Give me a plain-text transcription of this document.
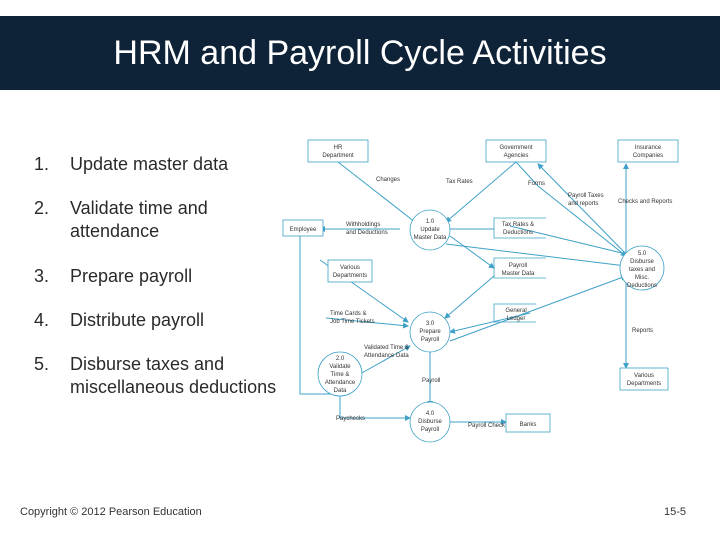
HRM and Payroll Cycle Activities
1. Update master data
2. Validate time and attendance
3. Prepare payroll
4. Distribute payroll
5. Disburse taxes and miscellaneous deductions
HR
Department
Government
Agencies
Insurance
Companies
Employee
Various
Departments
Various
Departments
Banks
Tax Rates &
Deductions
Payroll
Master Data
General
Ledger
1.0
Update
Master Data
2.0
Validate
Time &
Attendance
Data
3.0
Prepare
Payroll
4.0
Disburse
Payroll
5.0
Disburse
taxes and
Misc.
Deductions
Changes	Tax Rates	Forms
Payroll Taxes
and reports	Checks and Reports
Withholdings
and Deductions
Time Cards &
Job Time Tickets
Validated Time &
Attendance Data
Reports
Payroll
Paychecks
Payroll Check
Copyright © 2012 Pearson Education	15-5
